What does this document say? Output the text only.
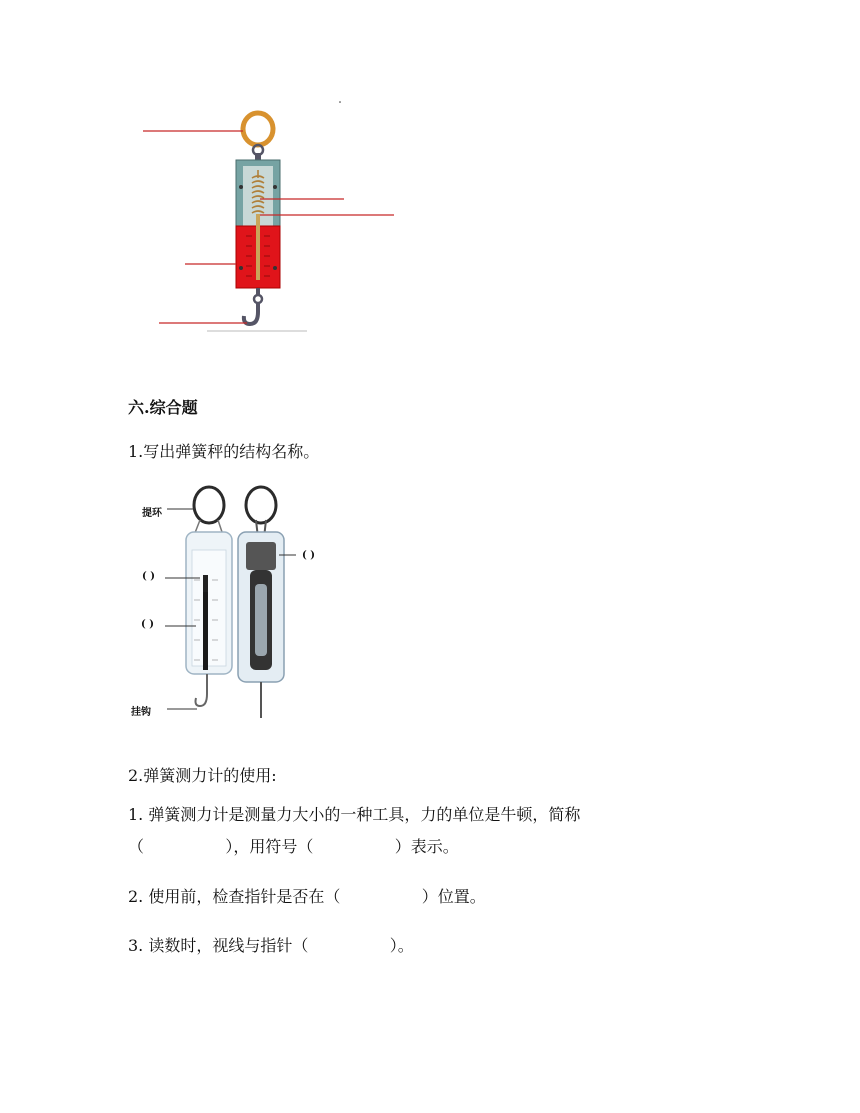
六.综合题
1.写出弹簧秤的结构名称。
提环
( )
( )
挂钩
( )
2.弹簧测力计的使用:
1. 弹簧测力计是测量力大小的一种工具，力的单位是牛顿，简称
（                ），用符号（                ）表示。
2. 使用前，检查指针是否在（                ）位置。
3. 读数时，视线与指针（                ）。
